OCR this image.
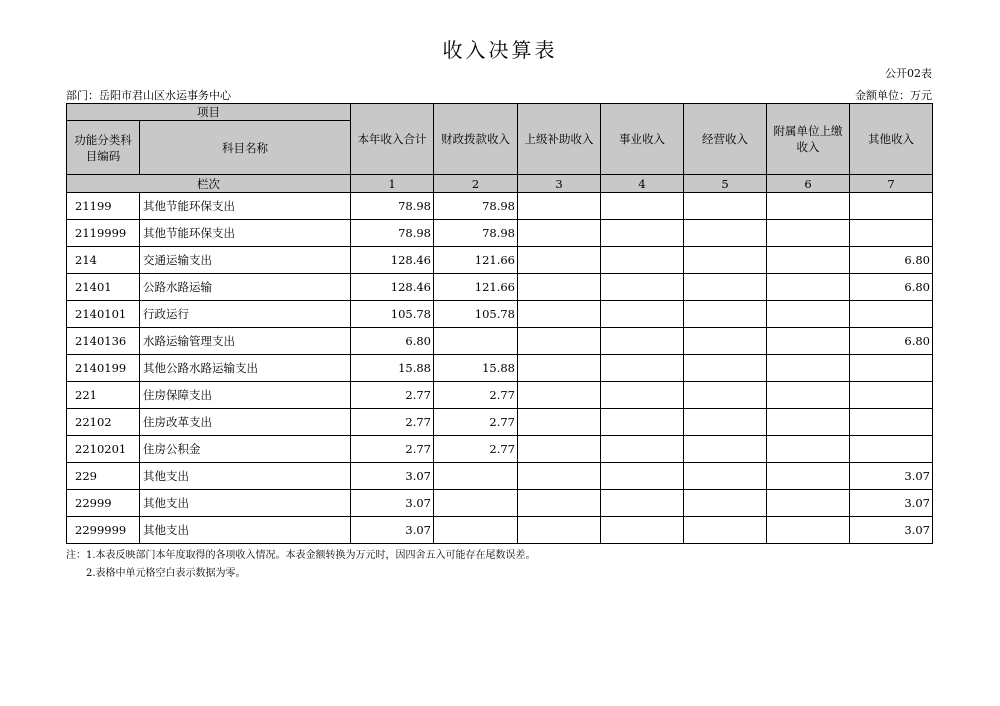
收入决算表
公开02表
部门：岳阳市君山区水运事务中心	金额单位：万元
项目		本年收入合计	财政拨款收入	上级补助收入	事业收入	经营收入	附属单位上缴收入	其他收入
功能分类科目编码	科目名称							
栏次		1	2	3	4	5	6	7
21199	其他节能环保支出	78.98	78.98					
2119999	其他节能环保支出	78.98	78.98					
214	交通运输支出	128.46	121.66					6.80
21401	公路水路运输	128.46	121.66					6.80
2140101	行政运行	105.78	105.78					
2140136	水路运输管理支出	6.80						6.80
2140199	其他公路水路运输支出	15.88	15.88					
221	住房保障支出	2.77	2.77					
22102	住房改革支出	2.77	2.77					
2210201	住房公积金	2.77	2.77					
229	其他支出	3.07						3.07
22999	其他支出	3.07						3.07
2299999	其他支出	3.07						3.07
注：1.本表反映部门本年度取得的各项收入情况。本表金额转换为万元时，因四舍五入可能存在尾数误差。
2.表格中单元格空白表示数据为零。
